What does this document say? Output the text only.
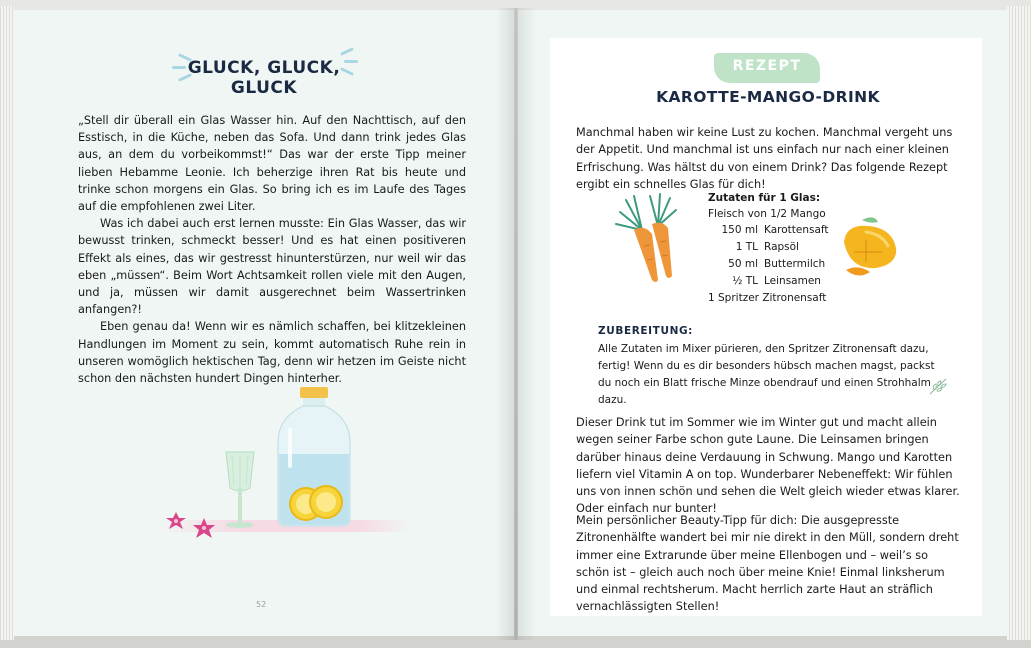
GLUCK, GLUCK,
GLUCK

„Stell dir überall ein Glas Wasser hin. Auf den Nachttisch, auf den Esstisch, in die Küche, neben das Sofa. Und dann trink jedes Glas aus, an dem du vorbeikommst!“ Das war der erste Tipp meiner lieben Hebamme Leonie. Ich beherzige ihren Rat bis heute und trinke schon morgens ein Glas. So bring ich es im Laufe des Tages auf die empfohlenen zwei Liter.

Was ich dabei auch erst lernen musste: Ein Glas Wasser, das wir bewusst trinken, schmeckt besser! Und es hat einen positiveren Effekt als eines, das wir gestresst hinunterstürzen, nur weil wir das eben „müssen“. Beim Wort Achtsamkeit rollen viele mit den Augen, und ja, müssen wir damit ausgerechnet beim Wassertrinken anfangen?!

Eben genau da! Wenn wir es nämlich schaffen, bei klitzekleinen Handlungen im Moment zu sein, kommt automatisch Ruhe rein in unseren womöglich hektischen Tag, denn wir hetzen im Geiste nicht schon den nächsten hundert Dingen hinterher.

52
REZEPT
KAROTTE-MANGO-DRINK

Manchmal haben wir keine Lust zu kochen. Manchmal vergeht uns der Appetit. Und manchmal ist uns einfach nur nach einer kleinen Erfrischung. Was hältst du von einem Drink? Das folgende Rezept ergibt ein schnelles Glas für dich!

Zutaten für 1 Glas:
Fleisch von 1/2 Mango
150 ml Karottensaft
1 TL Rapsöl
50 ml Buttermilch
½ TL Leinsamen
1 Spritzer Zitronensaft
ZUBEREITUNG:

Alle Zutaten im Mixer pürieren, den Spritzer Zitronensaft dazu, fertig! Wenn du es dir besonders hübsch machen magst, packst du noch ein Blatt frische Minze obendrauf und einen Strohhalm dazu.

Dieser Drink tut im Sommer wie im Winter gut und macht allein wegen seiner Farbe schon gute Laune. Die Leinsamen bringen darüber hinaus deine Verdauung in Schwung. Mango und Karotten liefern viel Vitamin A on top. Wunderbarer Nebeneffekt: Wir fühlen uns von innen schön und sehen die Welt gleich wieder etwas klarer. Oder einfach nur bunter!

Mein persönlicher Beauty-Tipp für dich: Die ausgepresste Zitronenhälfte wandert bei mir nie direkt in den Müll, sondern dreht immer eine Extrarunde über meine Ellenbogen und – weil’s so schön ist – gleich auch noch über meine Knie! Einmal linksherum und einmal rechtsherum. Macht herrlich zarte Haut an sträflich vernachlässigten Stellen!
